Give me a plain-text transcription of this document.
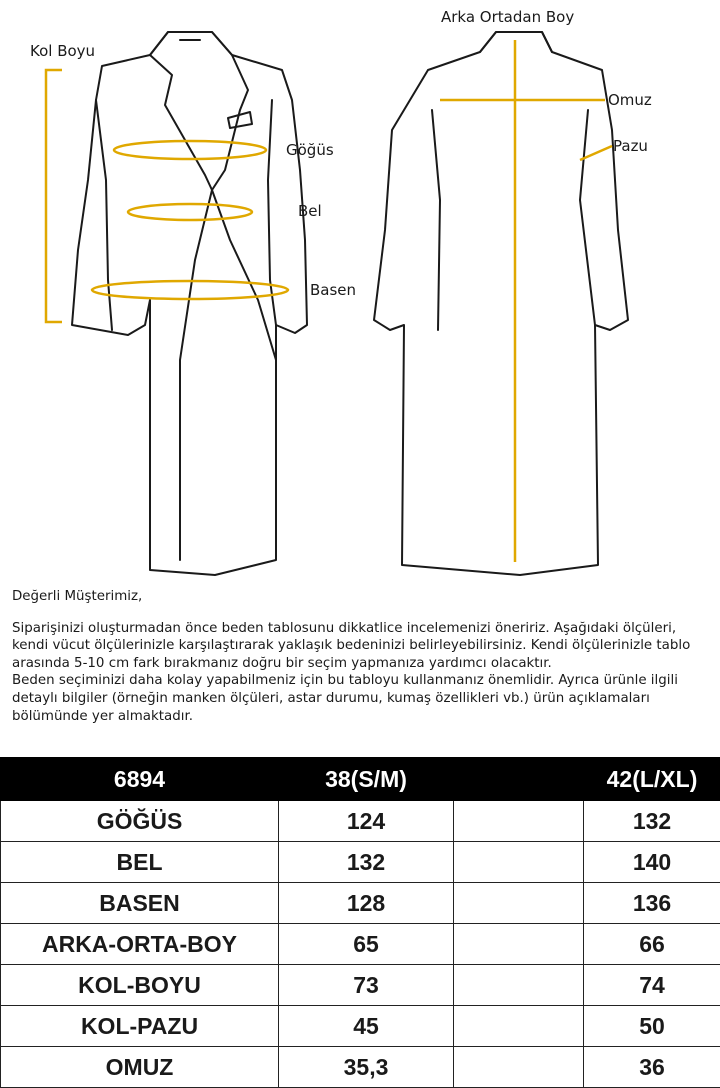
Kol Boyu
Göğüs
Bel
Basen
Arka Ortadan Boy
Omuz
Pazu
Değerli Müşterimiz,
Siparişinizi oluşturmadan önce beden tablosunu dikkatlice incelemenizi öneririz. Aşağıdaki ölçüleri, kendi vücut ölçülerinizle karşılaştırarak yaklaşık bedeninizi belirleyebilirsiniz. Kendi ölçülerinizle tablo arasında 5-10 cm fark bırakmanız doğru bir seçim yapmanıza yardımcı olacaktır.
Beden seçiminizi daha kolay yapabilmeniz için bu tabloyu kullanmanız önemlidir. Ayrıca ürünle ilgili detaylı bilgiler (örneğin manken ölçüleri, astar durumu, kumaş özellikleri vb.) ürün açıklamaları bölümünde yer almaktadır.
6894	38(S/M)		42(L/XL)
GÖĞÜS	124		132
BEL	132		140
BASEN	128		136
ARKA-ORTA-BOY	65		66
KOL-BOYU	73		74
KOL-PAZU	45		50
OMUZ	35,3		36
